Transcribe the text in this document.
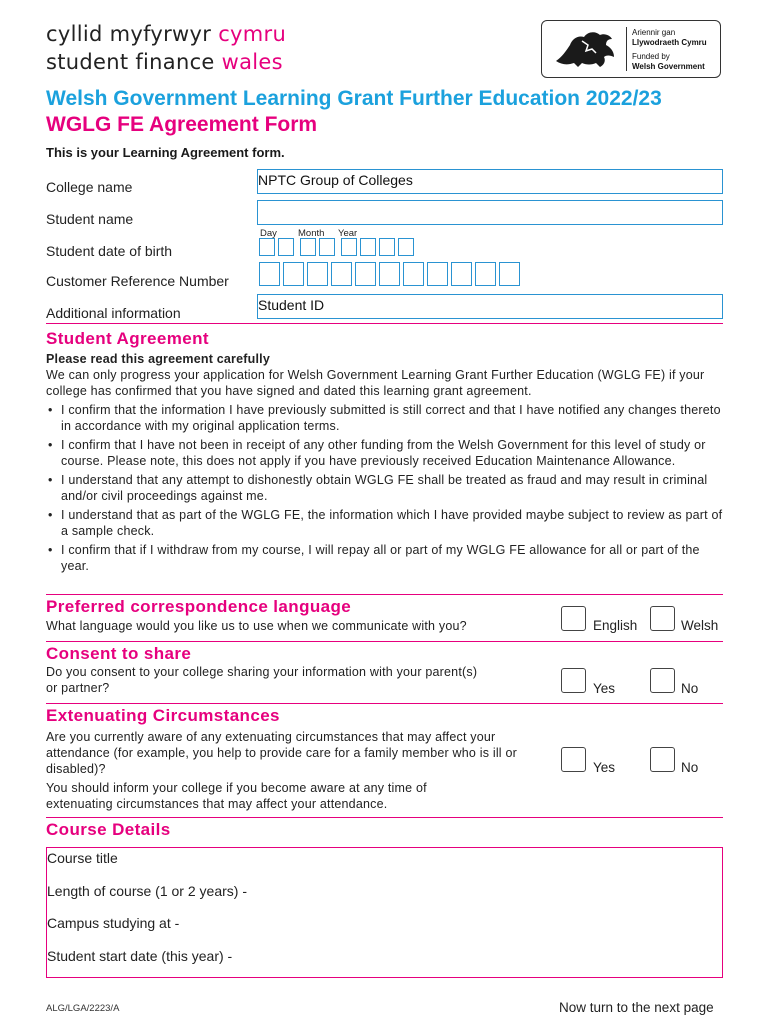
cyllid myfyrwyr cymru
student finance wales
Ariennir gan
Llywodraeth Cymru
Funded by
Welsh Government
Welsh Government Learning Grant Further Education 2022/23
WGLG FE Agreement Form
This is your Learning Agreement form.
College name	NPTC Group of Colleges
Student name
Day Month Year
Student date of birth
Customer Reference Number
Additional information	Student ID
Student Agreement
Please read this agreement carefully
We can only progress your application for Welsh Government Learning Grant Further Education (WGLG FE) if your college has confirmed that you have signed and dated this learning grant agreement.
• I confirm that the information I have previously submitted is still correct and that I have notified any changes thereto in accordance with my original application terms.
• I confirm that I have not been in receipt of any other funding from the Welsh Government for this level of study or course. Please note, this does not apply if you have previously received Education Maintenance Allowance.
• I understand that any attempt to dishonestly obtain WGLG FE shall be treated as fraud and may result in criminal and/or civil proceedings against me.
• I understand that as part of the WGLG FE, the information which I have provided maybe subject to review as part of a sample check.
• I confirm that if I withdraw from my course, I will repay all or part of my WGLG FE allowance for all or part of the year.
Preferred correspondence language
What language would you like us to use when we communicate with you?	English	Welsh
Consent to share
Do you consent to your college sharing your information with your parent(s) or partner?	Yes	No
Extenuating Circumstances
Are you currently aware of any extenuating circumstances that may affect your attendance (for example, you help to provide care for a family member who is ill or disabled)?
You should inform your college if you become aware at any time of extenuating circumstances that may affect your attendance.
Yes	No
Course Details
Course title
Length of course (1 or 2 years) -
Campus studying at -
Student start date (this year) -
ALG/LGA/2223/A	Now turn to the next page
